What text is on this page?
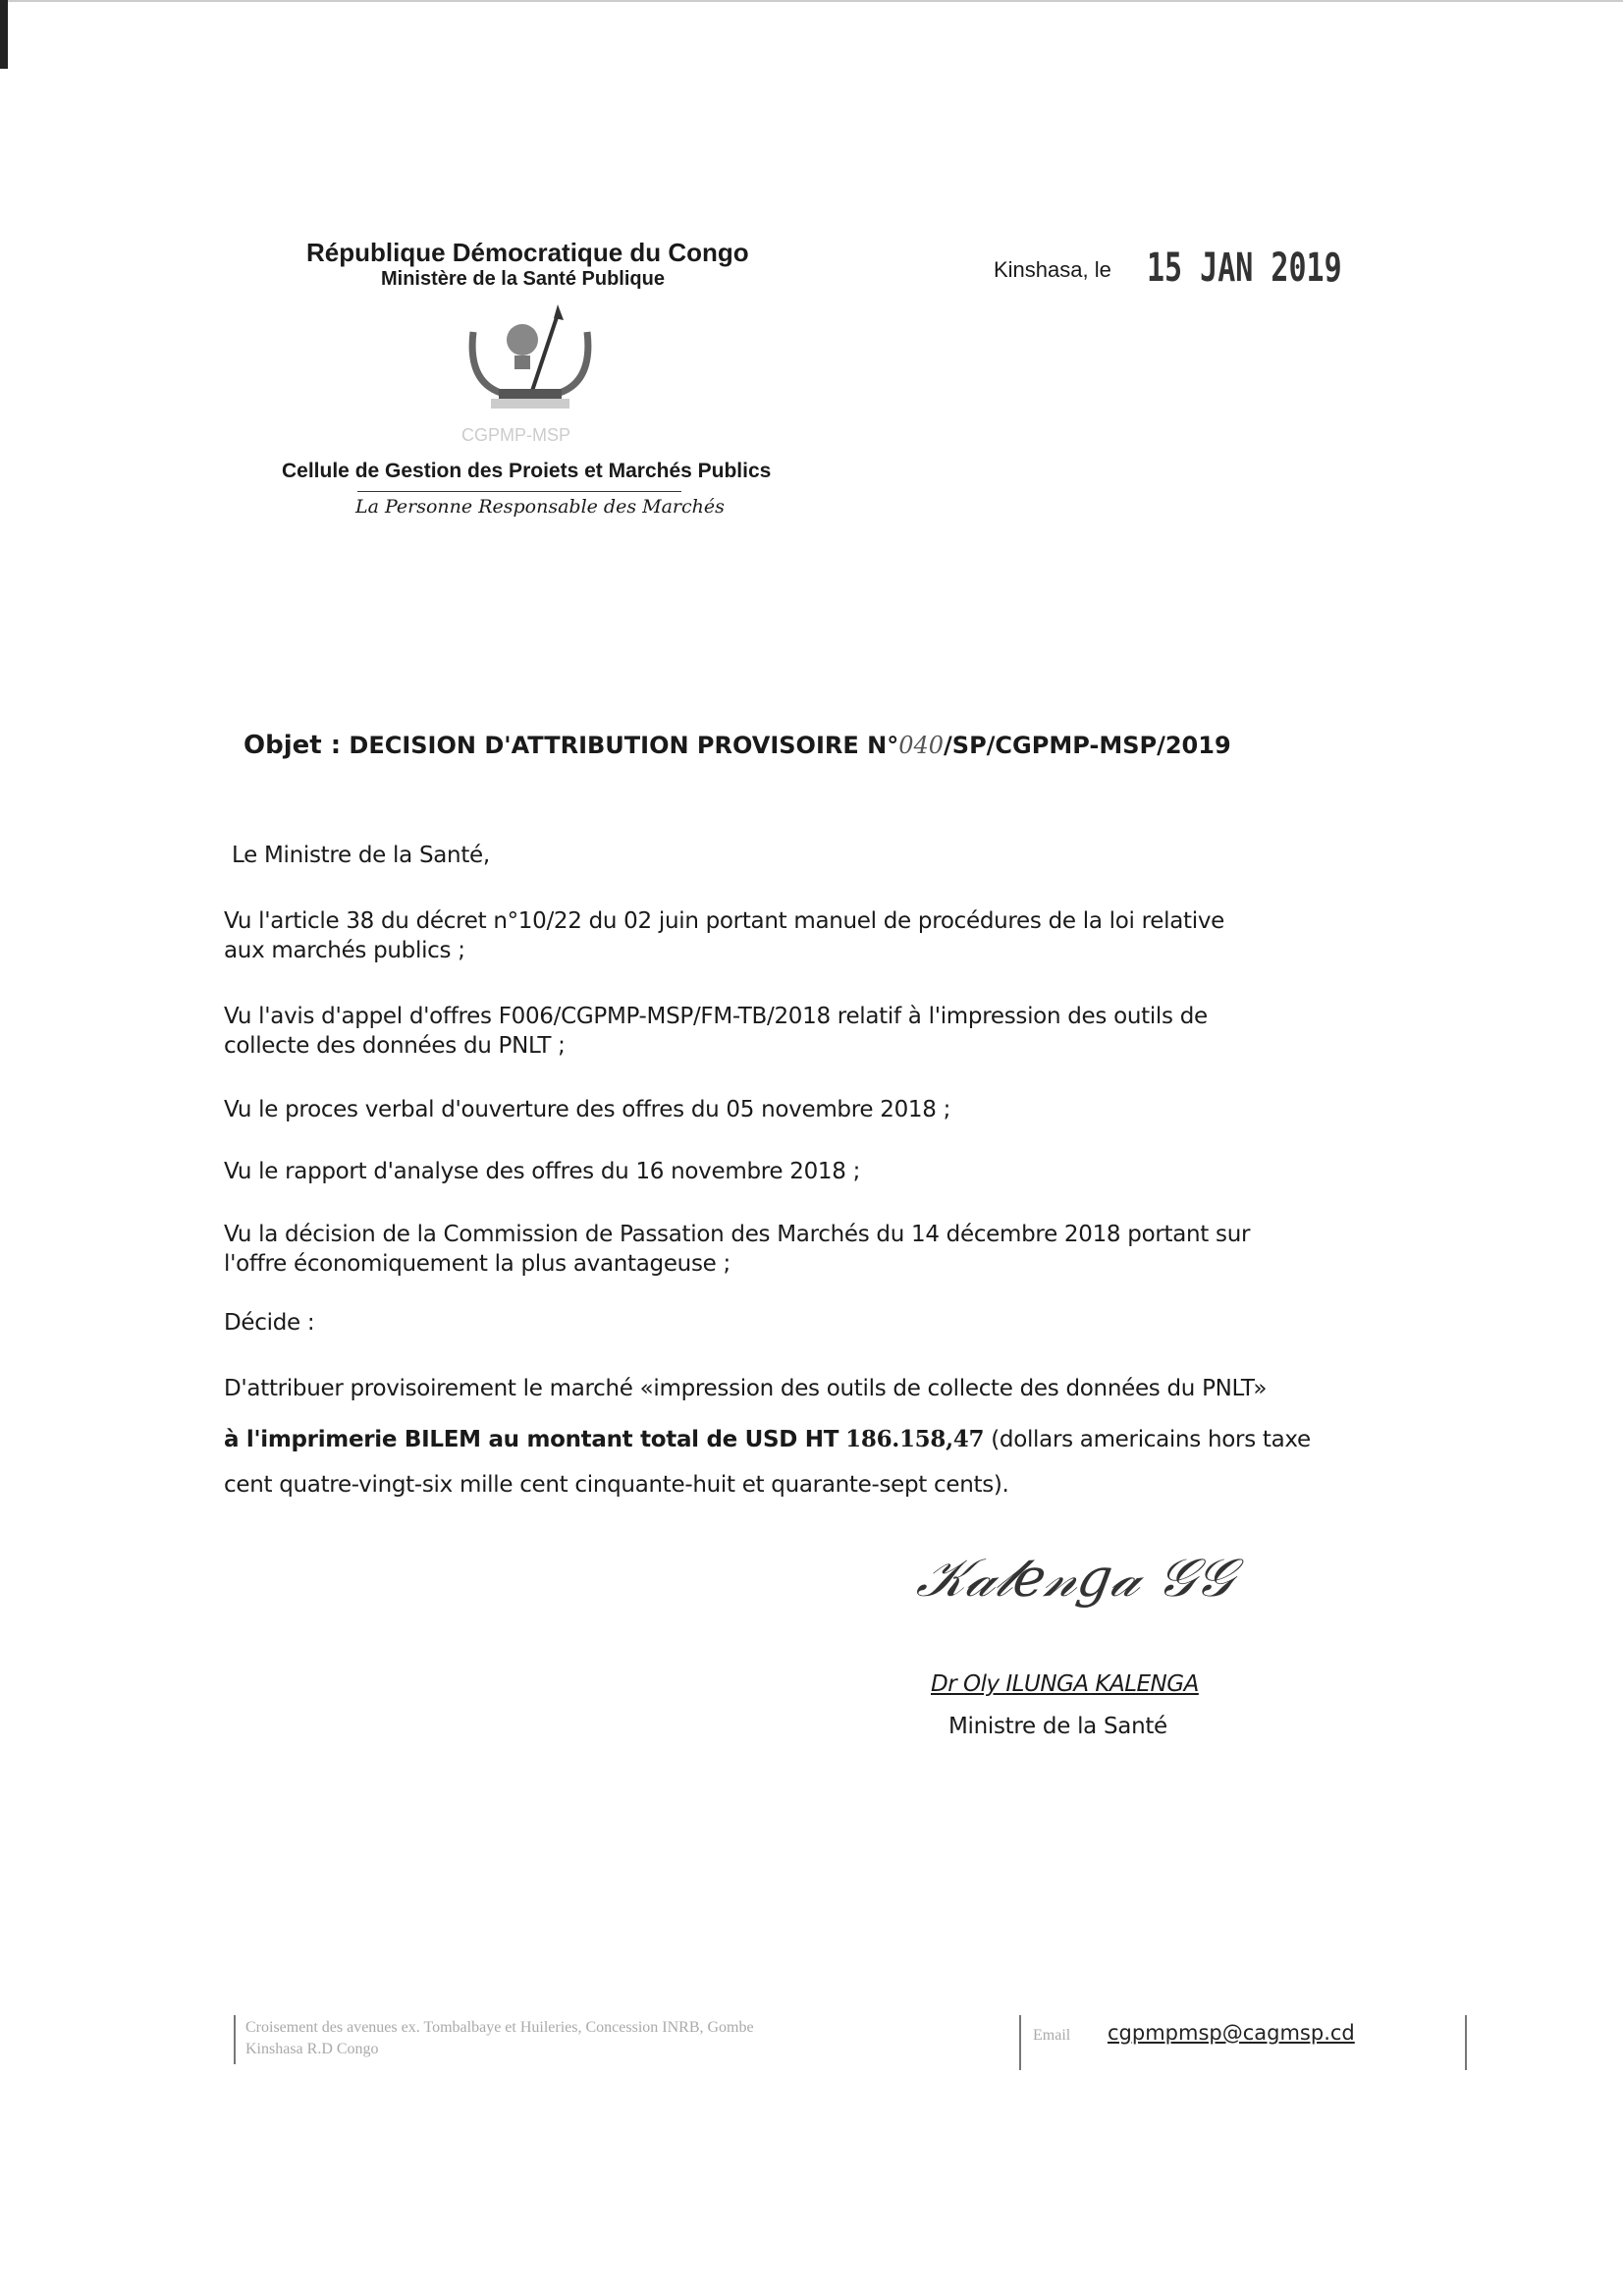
République Démocratique du Congo
Ministère de la Santé Publique
CGPMP-MSP
Cellule de Gestion des Proiets et Marchés Publics
La Personne Responsable des Marchés
Kinshasa, le 15 JAN 2019
Objet : DECISION D'ATTRIBUTION PROVISOIRE N°040/SP/CGPMP-MSP/2019
Le Ministre de la Santé,
Vu l'article 38 du décret n°10/22 du 02 juin portant manuel de procédures de la loi relative
aux marchés publics ;
Vu l'avis d'appel d'offres F006/CGPMP-MSP/FM-TB/2018 relatif à l'impression des outils de
collecte des données du PNLT ;
Vu le proces verbal d'ouverture des offres du 05 novembre 2018 ;
Vu le rapport d'analyse des offres du 16 novembre 2018 ;
Vu la décision de la Commission de Passation des Marchés du 14 décembre 2018 portant sur
l'offre économiquement la plus avantageuse ;
Décide :
D'attribuer provisoirement le marché «impression des outils de collecte des données du PNLT»
à l'imprimerie BILEM au montant total de USD HT 186.158,47 (dollars americains hors taxe
cent quatre-vingt-six mille cent cinquante-huit et quarante-sept cents).
𝒦𝒶𝓁𝑒𝓃𝑔𝒶 𝒢𝒢
Dr Oly ILUNGA KALENGA
Ministre de la Santé
Croisement des avenues ex. Tombalbaye et Huileries, Concession INRB, Gombe
Kinshasa R.D Congo
Email cgpmpmsp@cagmsp.cd
